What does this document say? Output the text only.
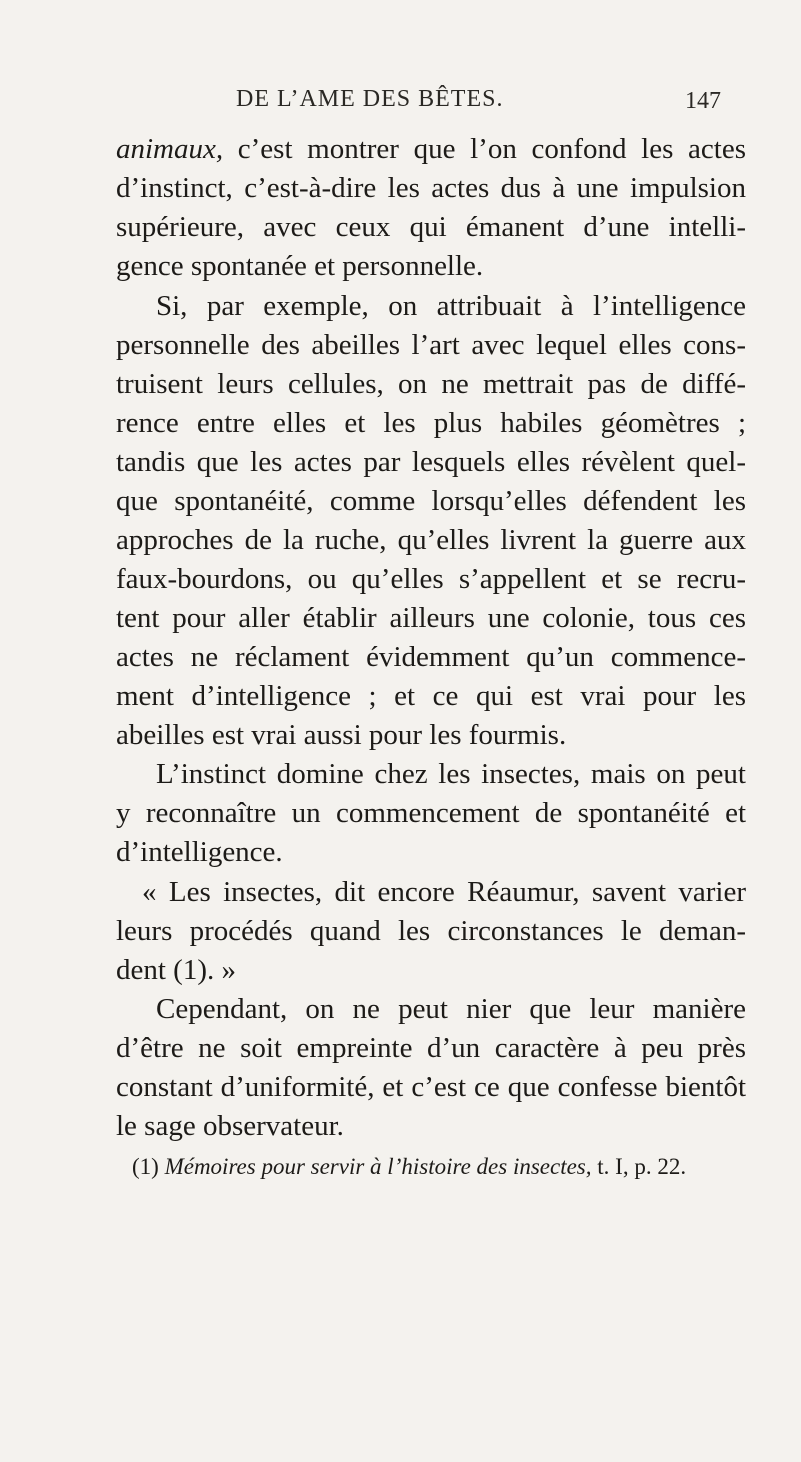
DE L’AME DES BÊTES.	147
animaux, c’est montrer que l’on confond les actes
d’instinct, c’est-à-dire les actes dus à une impulsion
supérieure, avec ceux qui émanent d’une intelli-
gence spontanée et personnelle.
Si, par exemple, on attribuait à l’intelligence
personnelle des abeilles l’art avec lequel elles cons-
truisent leurs cellules, on ne mettrait pas de diffé-
rence entre elles et les plus habiles géomètres ;
tandis que les actes par lesquels elles révèlent quel-
que spontanéité, comme lorsqu’elles défendent les
approches de la ruche, qu’elles livrent la guerre aux
faux-bourdons, ou qu’elles s’appellent et se recru-
tent pour aller établir ailleurs une colonie, tous ces
actes ne réclament évidemment qu’un commence-
ment d’intelligence ; et ce qui est vrai pour les
abeilles est vrai aussi pour les fourmis.
L’instinct domine chez les insectes, mais on peut
y reconnaître un commencement de spontanéité et
d’intelligence.
« Les insectes, dit encore Réaumur, savent varier
leurs procédés quand les circonstances le deman-
dent (1). »
Cependant, on ne peut nier que leur manière
d’être ne soit empreinte d’un caractère à peu près
constant d’uniformité, et c’est ce que confesse bientôt
le sage observateur.
(1) Mémoires pour servir à l’histoire des insectes, t. I, p. 22.
